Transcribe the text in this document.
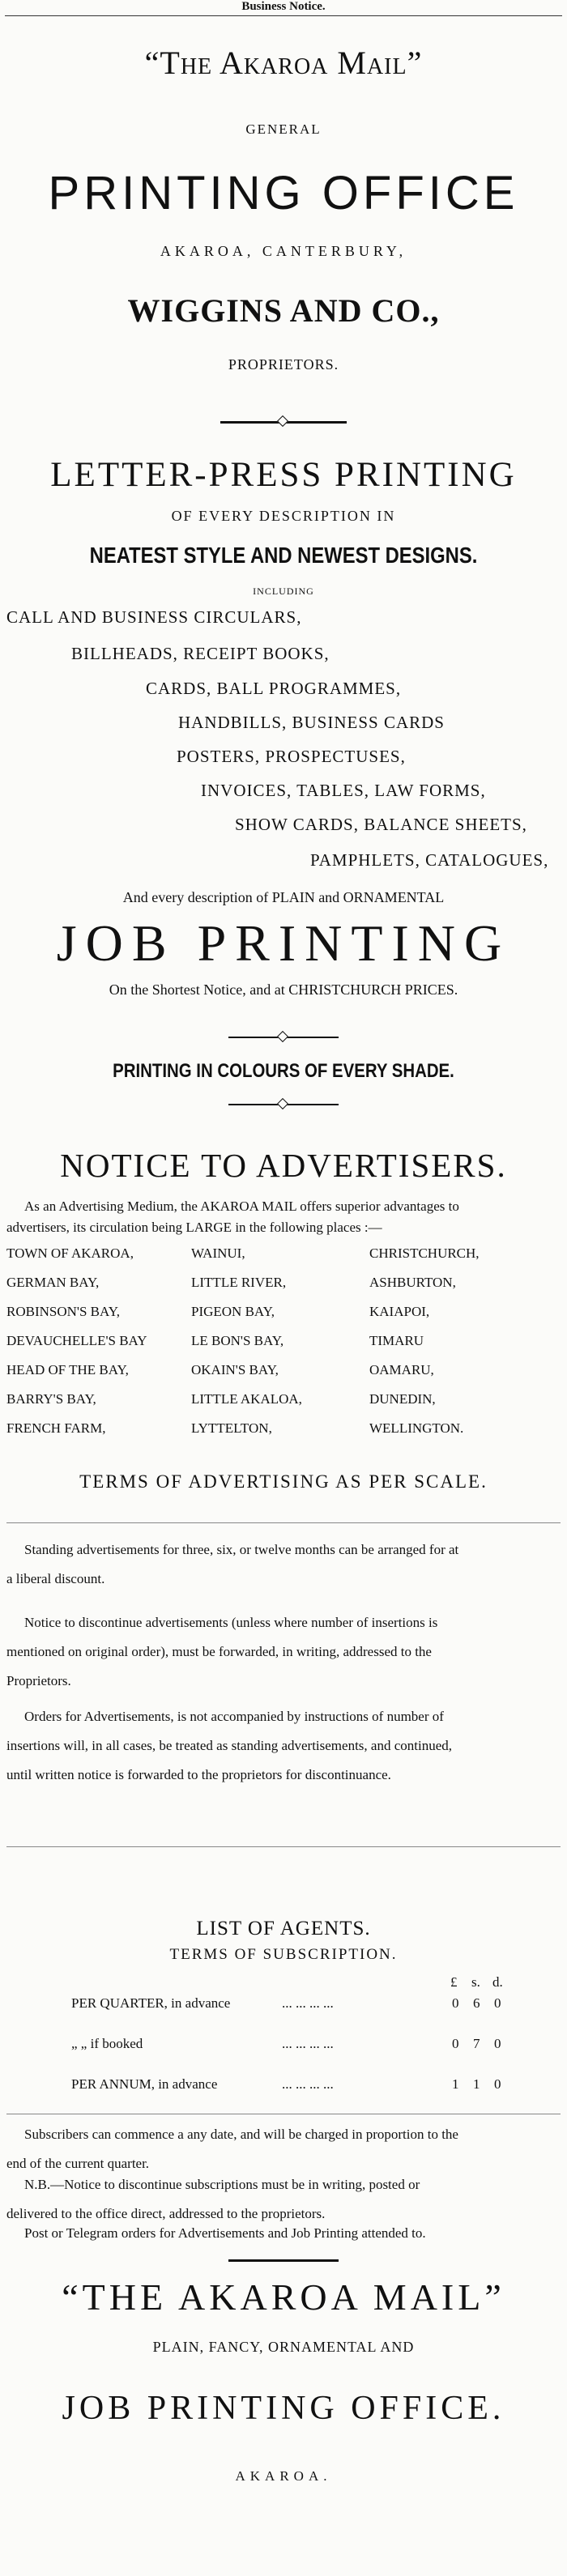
Business Notice.
“The Akaroa Mail”
GENERAL
PRINTING OFFICE
AKAROA, CANTERBURY,
WIGGINS AND CO.,
PROPRIETORS.
LETTER-PRESS PRINTING
OF EVERY DESCRIPTION IN
NEATEST STYLE AND NEWEST DESIGNS.
INCLUDING
CALL AND BUSINESS CIRCULARS,
BILLHEADS, RECEIPT BOOKS,
CARDS, BALL PROGRAMMES,
HANDBILLS, BUSINESS CARDS
POSTERS, PROSPECTUSES,
INVOICES, TABLES, LAW FORMS,
SHOW CARDS, BALANCE SHEETS,
PAMPHLETS, CATALOGUES,
And every description of PLAIN and ORNAMENTAL
JOB PRINTING
On the Shortest Notice, and at CHRISTCHURCH PRICES.
PRINTING IN COLOURS OF EVERY SHADE.
NOTICE TO ADVERTISERS.
As an Advertising Medium, the AKAROA MAIL offers superior advantages to
advertisers, its circulation being LARGE in the following places :—
TOWN OF AKAROA,	WAINUI,	CHRISTCHURCH,
GERMAN BAY,	LITTLE RIVER,	ASHBURTON,
ROBINSON'S BAY,	PIGEON BAY,	KAIAPOI,
DEVAUCHELLE'S BAY	LE BON'S BAY,	TIMARU
HEAD OF THE BAY,	OKAIN'S BAY,	OAMARU,
BARRY'S BAY,	LITTLE AKALOA,	DUNEDIN,
FRENCH FARM,	LYTTELTON,	WELLINGTON.
TERMS OF ADVERTISING AS PER SCALE.
Standing advertisements for three, six, or twelve months can be arranged for at
a liberal discount.
Notice to discontinue advertisements (unless where number of insertions is
mentioned on original order), must be forwarded, in writing, addressed to the
Proprietors.
Orders for Advertisements, is not accompanied by instructions of number of
insertions will, in all cases, be treated as standing advertisements, and continued,
until written notice is forwarded to the proprietors for discontinuance.
LIST OF AGENTS.
TERMS OF SUBSCRIPTION.
£ s. d.
PER QUARTER, in advance	... ... ... ...	0 6 0
„ „ if booked	... ... ... ...	0 7 0
PER ANNUM, in advance	... ... ... ...	1 1 0
Subscribers can commence a any date, and will be charged in proportion to the
end of the current quarter.
N.B.—Notice to discontinue subscriptions must be in writing, posted or
delivered to the office direct, addressed to the proprietors.
Post or Telegram orders for Advertisements and Job Printing attended to.
“THE AKAROA MAIL”
PLAIN, FANCY, ORNAMENTAL AND
JOB PRINTING OFFICE.
AKAROA.
